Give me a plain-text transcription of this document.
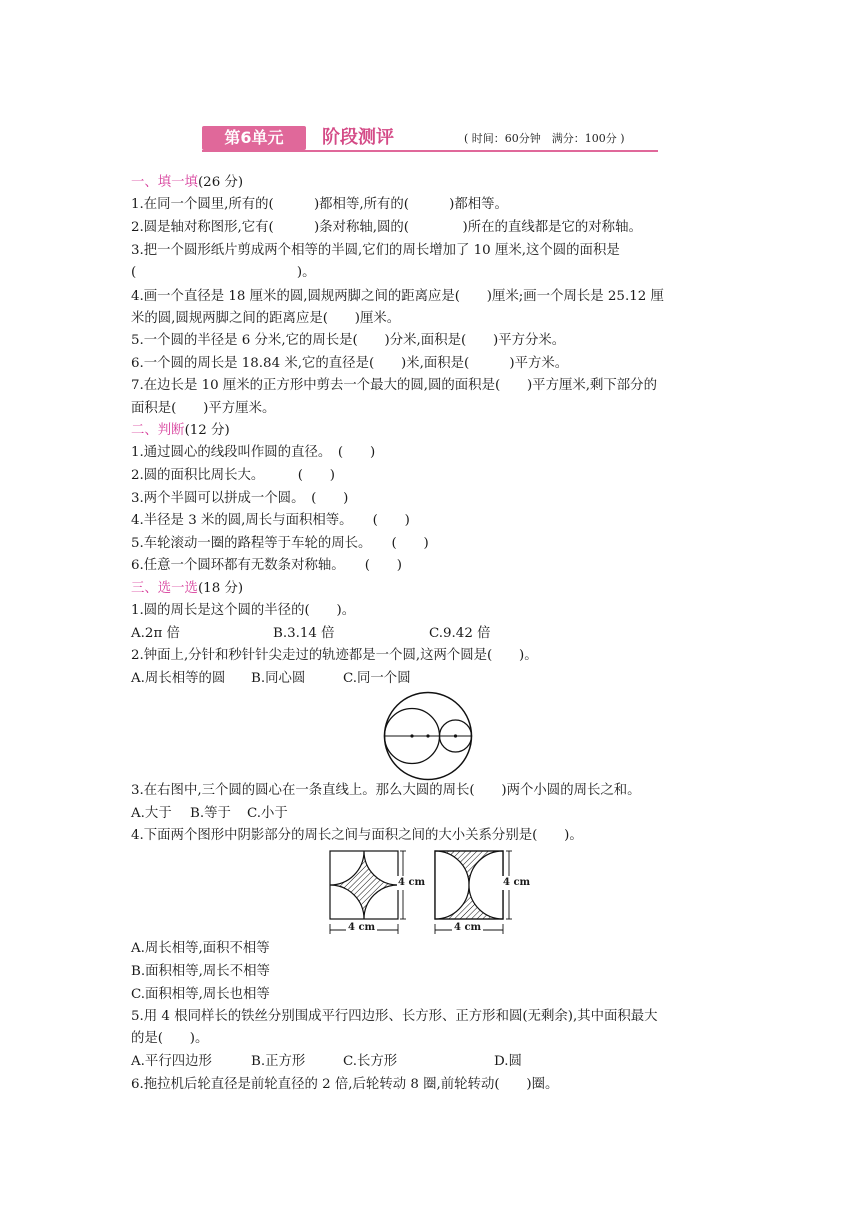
第6单元	阶段测评	( 时间：60分钟　满分：100分 )
一、填一填(26 分)
1.在同一个圆里,所有的(　　　)都相等,所有的(　　　)都相等。
2.圆是轴对称图形,它有(　　　)条对称轴,圆的(　　　　)所在的直线都是它的对称轴。
3.把一个圆形纸片剪成两个相等的半圆,它们的周长增加了 10 厘米,这个圆的面积是
(　　　　　　　　　　　　)。
4.画一个直径是 18 厘米的圆,圆规两脚之间的距离应是(　　)厘米;画一个周长是 25.12 厘
米的圆,圆规两脚之间的距离应是(　　)厘米。
5.一个圆的半径是 6 分米,它的周长是(　　)分米,面积是(　　)平方分米。
6.一个圆的周长是 18.84 米,它的直径是(　　)米,面积是(　　　)平方米。
7.在边长是 10 厘米的正方形中剪去一个最大的圆,圆的面积是(　　)平方厘米,剩下部分的
面积是(　　)平方厘米。
二、判断(12 分)
1.通过圆心的线段叫作圆的直径。　(　　)
2.圆的面积比周长大。　　　(　　)
3.两个半圆可以拼成一个圆。　(　　)
4.半径是 3 米的圆,周长与面积相等。　　(　　)
5.车轮滚动一圈的路程等于车轮的周长。　　(　　)
6.任意一个圆环都有无数条对称轴。　　(　　)
三、选一选(18 分)
1.圆的周长是这个圆的半径的(　　)。
A.2π 倍	B.3.14 倍	C.9.42 倍
2.钟面上,分针和秒针针尖走过的轨迹都是一个圆,这两个圆是(　　)。
A.周长相等的圆 B.同心圆	C.同一个圆
3.在右图中,三个圆的圆心在一条直线上。那么大圆的周长(　　)两个小圆的周长之和。
A.大于 B.等于 C.小于
4.下面两个图形中阴影部分的周长之间与面积之间的大小关系分别是(　　)。
4 cm
4 cm
4 cm
4 cm
A.周长相等,面积不相等
B.面积相等,周长不相等
C.面积相等,周长也相等
5.用 4 根同样长的铁丝分别围成平行四边形、长方形、正方形和圆(无剩余),其中面积最大
的是(　　)。
A.平行四边形	B.正方形	C.长方形	D.圆
6.拖拉机后轮直径是前轮直径的 2 倍,后轮转动 8 圈,前轮转动(　　)圈。
